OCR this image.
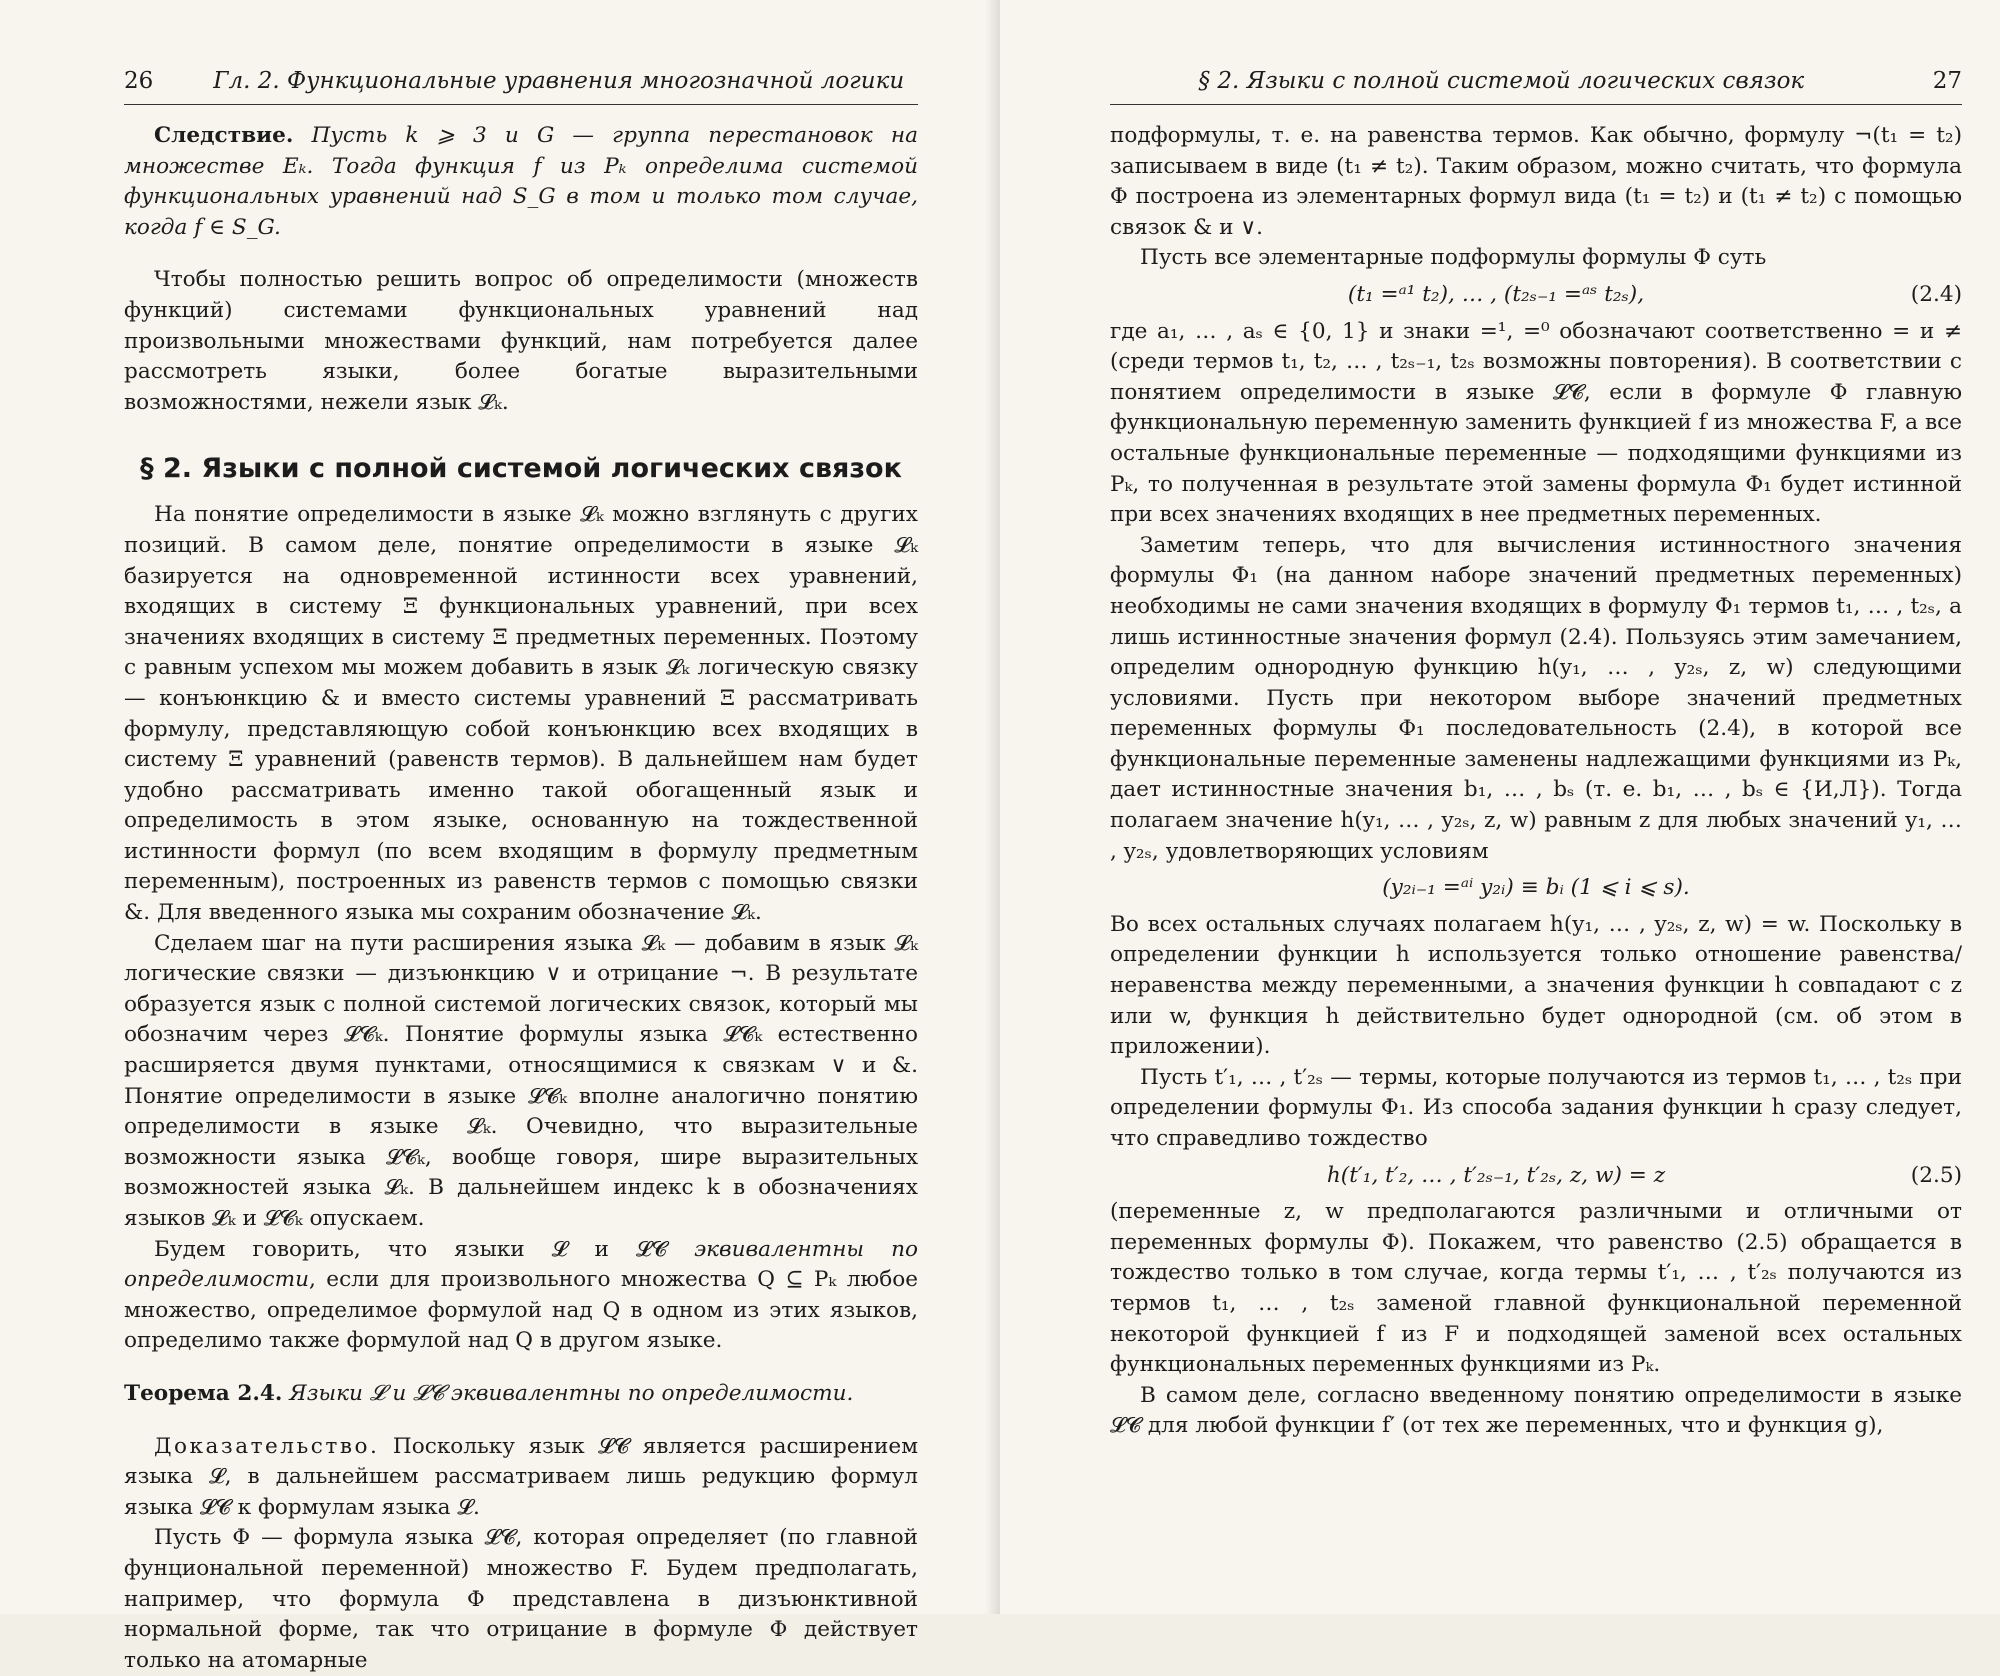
26	Гл. 2. Функциональные уравнения многозначной логики

Следствие. Пусть k ⩾ 3 и G — группа перестановок на множестве Eₖ. Тогда функция f из Pₖ определима системой функциональных уравнений над S_G в том и только том случае, когда f ∈ S_G.

Чтобы полностью решить вопрос об определимости (множеств функций) системами функциональных уравнений над произвольными множествами функций, нам потребуется далее рассмотреть языки, более богатые выразительными возможностями, нежели язык 𝓛ₖ.

§ 2. Языки с полной системой логических связок

На понятие определимости в языке 𝓛ₖ можно взглянуть с других позиций. В самом деле, понятие определимости в языке 𝓛ₖ базируется на одновременной истинности всех уравнений, входящих в систему Ξ функциональных уравнений, при всех значениях входящих в систему Ξ предметных переменных. Поэтому с равным успехом мы можем добавить в язык 𝓛ₖ логическую связку — конъюнкцию & и вместо системы уравнений Ξ рассматривать формулу, представляющую собой конъюнкцию всех входящих в систему Ξ уравнений (равенств термов). В дальнейшем нам будет удобно рассматривать именно такой обогащенный язык и определимость в этом языке, основанную на тождественной истинности формул (по всем входящим в формулу предметным переменным), построенных из равенств термов с помощью связки &. Для введенного языка мы сохраним обозначение 𝓛ₖ.

Сделаем шаг на пути расширения языка 𝓛ₖ — добавим в язык 𝓛ₖ логические связки — дизъюнкцию ∨ и отрицание ¬. В результате образуется язык с полной системой логических связок, который мы обозначим через 𝓛𝓒ₖ. Понятие формулы языка 𝓛𝓒ₖ естественно расширяется двумя пунктами, относящимися к связкам ∨ и &. Понятие определимости в языке 𝓛𝓒ₖ вполне аналогично понятию определимости в языке 𝓛ₖ. Очевидно, что выразительные возможности языка 𝓛𝓒ₖ, вообще говоря, шире выразительных возможностей языка 𝓛ₖ. В дальнейшем индекс k в обозначениях языков 𝓛ₖ и 𝓛𝓒ₖ опускаем.

Будем говорить, что языки 𝓛 и 𝓛𝓒 эквивалентны по определимости, если для произвольного множества Q ⊆ Pₖ любое множество, определимое формулой над Q в одном из этих языков, определимо также формулой над Q в другом языке.

Теорема 2.4. Языки 𝓛 и 𝓛𝓒 эквивалентны по определимости.

Доказательство. Поскольку язык 𝓛𝓒 является расширением языка 𝓛, в дальнейшем рассматриваем лишь редукцию формул языка 𝓛𝓒 к формулам языка 𝓛.

Пусть Φ — формула языка 𝓛𝓒, которая определяет (по главной фунциональной переменной) множество F. Будем предполагать, например, что формула Φ представлена в дизъюнктивной нормальной форме, так что отрицание в формуле Φ действует только на атомарные

§ 2. Языки с полной системой логических связок	27

подформулы, т. е. на равенства термов. Как обычно, формулу ¬(t₁ = t₂) записываем в виде (t₁ ≠ t₂). Таким образом, можно считать, что формула Φ построена из элементарных формул вида (t₁ = t₂) и (t₁ ≠ t₂) с помощью связок & и ∨.

Пусть все элементарные подформулы формулы Φ суть

(t₁ =ᵃ¹ t₂), … , (t₂ₛ₋₁ =ᵃˢ t₂ₛ),	(2.4)

где a₁, … , aₛ ∈ {0, 1} и знаки =¹, =⁰ обозначают соответственно = и ≠ (среди термов t₁, t₂, … , t₂ₛ₋₁, t₂ₛ возможны повторения). В соответствии с понятием определимости в языке 𝓛𝓒, если в формуле Φ главную функциональную переменную заменить функцией f из множества F, а все остальные функциональные переменные — подходящими функциями из Pₖ, то полученная в результате этой замены формула Φ₁ будет истинной при всех значениях входящих в нее предметных переменных.

Заметим теперь, что для вычисления истинностного значения формулы Φ₁ (на данном наборе значений предметных переменных) необходимы не сами значения входящих в формулу Φ₁ термов t₁, … , t₂ₛ, а лишь истинностные значения формул (2.4). Пользуясь этим замечанием, определим однородную функцию h(y₁, … , y₂ₛ, z, w) следующими условиями. Пусть при некотором выборе значений предметных переменных формулы Φ₁ последовательность (2.4), в которой все функциональные переменные заменены надлежащими функциями из Pₖ, дает истинностные значения b₁, … , bₛ (т. е. b₁, … , bₛ ∈ {И,Л}). Тогда полагаем значение h(y₁, … , y₂ₛ, z, w) равным z для любых значений y₁, … , y₂ₛ, удовлетворяющих условиям

(y₂ᵢ₋₁ =ᵃⁱ y₂ᵢ) ≡ bᵢ (1 ⩽ i ⩽ s).

Во всех остальных случаях полагаем h(y₁, … , y₂ₛ, z, w) = w. Поскольку в определении функции h используется только отношение равенства/неравенства между переменными, а значения функции h совпадают с z или w, функция h действительно будет однородной (см. об этом в приложении).

Пусть t′₁, … , t′₂ₛ — термы, которые получаются из термов t₁, … , t₂ₛ при определении формулы Φ₁. Из способа задания функции h сразу следует, что справедливо тождество

h(t′₁, t′₂, … , t′₂ₛ₋₁, t′₂ₛ, z, w) = z	(2.5)

(переменные z, w предполагаются различными и отличными от переменных формулы Φ). Покажем, что равенство (2.5) обращается в тождество только в том случае, когда термы t′₁, … , t′₂ₛ получаются из термов t₁, … , t₂ₛ заменой главной функциональной переменной некоторой функцией f из F и подходящей заменой всех остальных функциональных переменных функциями из Pₖ.

В самом деле, согласно введенному понятию определимости в языке 𝓛𝓒 для любой функции f′ (от тех же переменных, что и функция g),
